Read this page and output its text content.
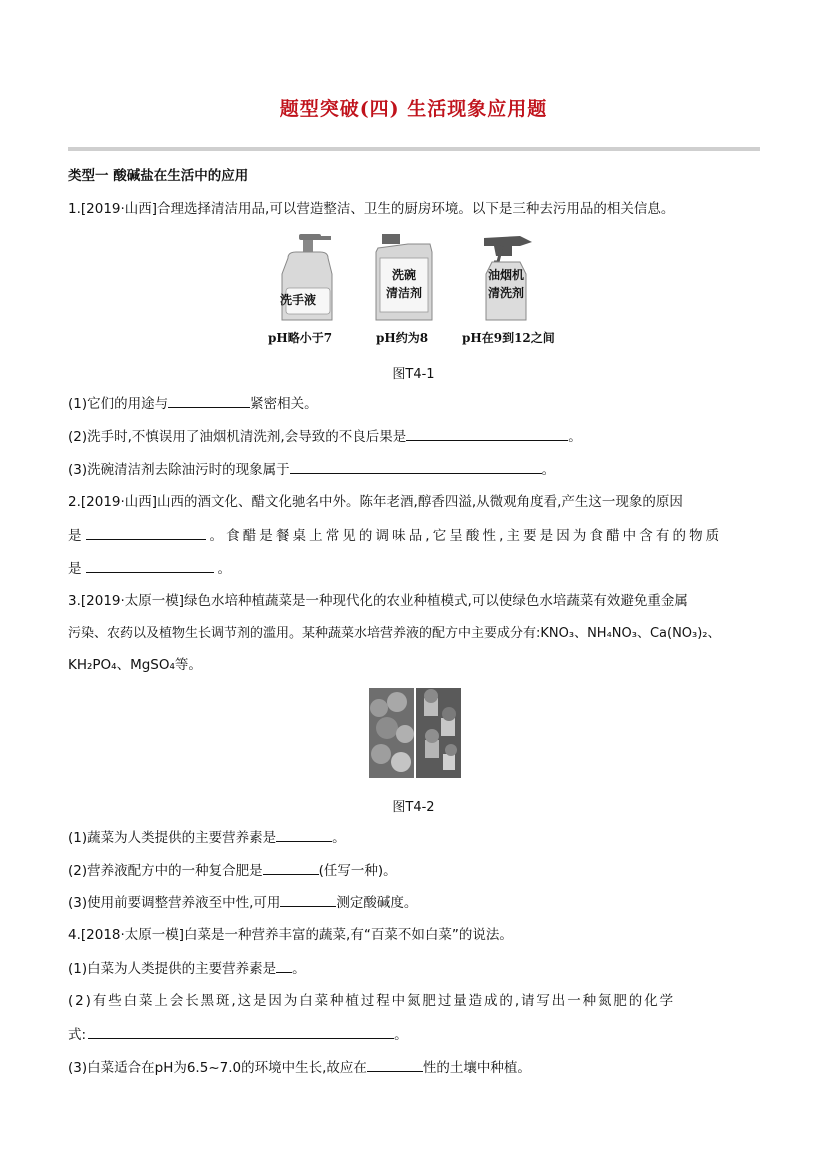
题型突破(四) 生活现象应用题
类型一 酸碱盐在生活中的应用
1.[2019·山西]合理选择清洁用品,可以营造整洁、卫生的厨房环境。以下是三种去污用品的相关信息。
洗手液
洗碗
清洁剂
油烟机
清洗剂
pH略小于7	pH约为8	pH在9到12之间
图T4-1
(1)它们的用途与	紧密相关。
(2)洗手时,不慎误用了油烟机清洗剂,会导致的不良后果是	。
(3)洗碗清洁剂去除油污时的现象属于	。
2.[2019·山西]山西的酒文化、醋文化驰名中外。陈年老酒,醇香四溢,从微观角度看,产生这一现象的原因
是	。食醋是餐桌上常见的调味品,它呈酸性,主要是因为食醋中含有的物质
是	。
3.[2019·太原一模]绿色水培种植蔬菜是一种现代化的农业种植模式,可以使绿色水培蔬菜有效避免重金属
污染、农药以及植物生长调节剂的滥用。某种蔬菜水培营养液的配方中主要成分有:KNO₃、NH₄NO₃、Ca(NO₃)₂、
KH₂PO₄、MgSO₄等。
图T4-2
(1)蔬菜为人类提供的主要营养素是	。
(2)营养液配方中的一种复合肥是	(任写一种)。
(3)使用前要调整营养液至中性,可用	测定酸碱度。
4.[2018·太原一模]白菜是一种营养丰富的蔬菜,有“百菜不如白菜”的说法。
(1)白菜为人类提供的主要营养素是 。
(2)有些白菜上会长黑斑,这是因为白菜种植过程中氮肥过量造成的,请写出一种氮肥的化学
式:	。
(3)白菜适合在pH为6.5~7.0的环境中生长,故应在	性的土壤中种植。
